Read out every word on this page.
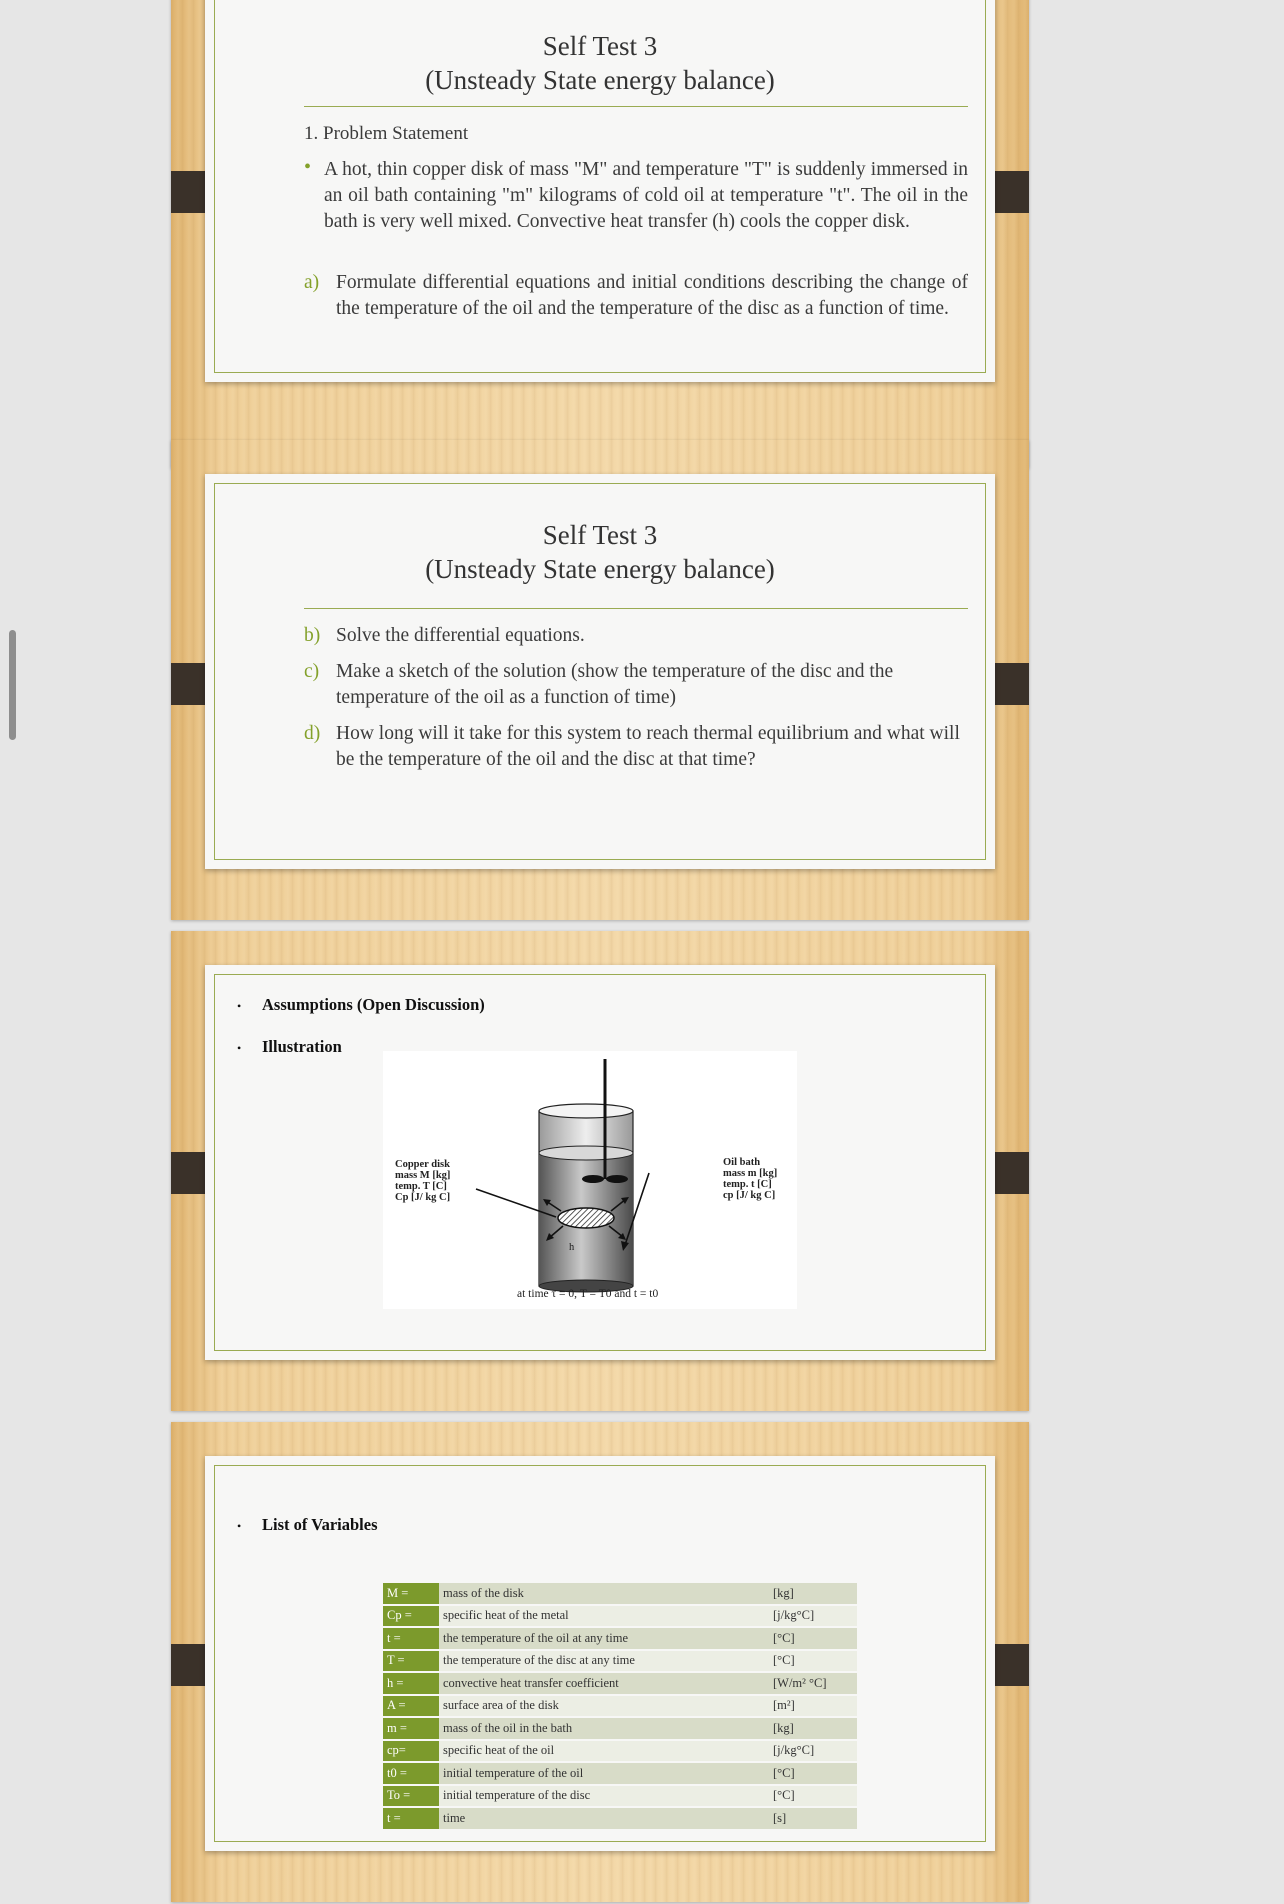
Self Test 3
(Unsteady State energy balance)
1. Problem Statement
• A hot, thin copper disk of mass "M" and temperature "T" is suddenly immersed in an oil bath containing "m" kilograms of cold oil at temperature "t". The oil in the bath is very well mixed. Convective heat transfer (h) cools the copper disk.
a) Formulate differential equations and initial conditions describing the change of the temperature of the oil and the temperature of the disc as a function of time.
Self Test 3
(Unsteady State energy balance)
b) Solve the differential equations.
c) Make a sketch of the solution (show the temperature of the disc and the temperature of the oil as a function of time)
d) How long will it take for this system to reach thermal equilibrium and what will be the temperature of the oil and the disc at that time?
• Assumptions (Open Discussion)
• Illustration
Copper disk
mass M [kg]
temp. T [C]
Cp [J/ kg C]
Oil bath
mass m [kg]
temp. t [C]
cp [J/ kg C]
h
at time τ = 0, T = T0 and t = t0
• List of Variables
M =	mass of the disk	[kg]
Cp =	specific heat of the metal	[j/kg°C]
t =	the temperature of the oil at any time	[°C]
T =	the temperature of the disc at any time	[°C]
h =	convective heat transfer coefficient	[W/m² °C]
A =	surface area of the disk	[m²]
m =	mass of the oil in the bath	[kg]
cp=	specific heat of the oil	[j/kg°C]
t0 =	initial temperature of the oil	[°C]
To =	initial temperature of the disc	[°C]
t =	time	[s]
